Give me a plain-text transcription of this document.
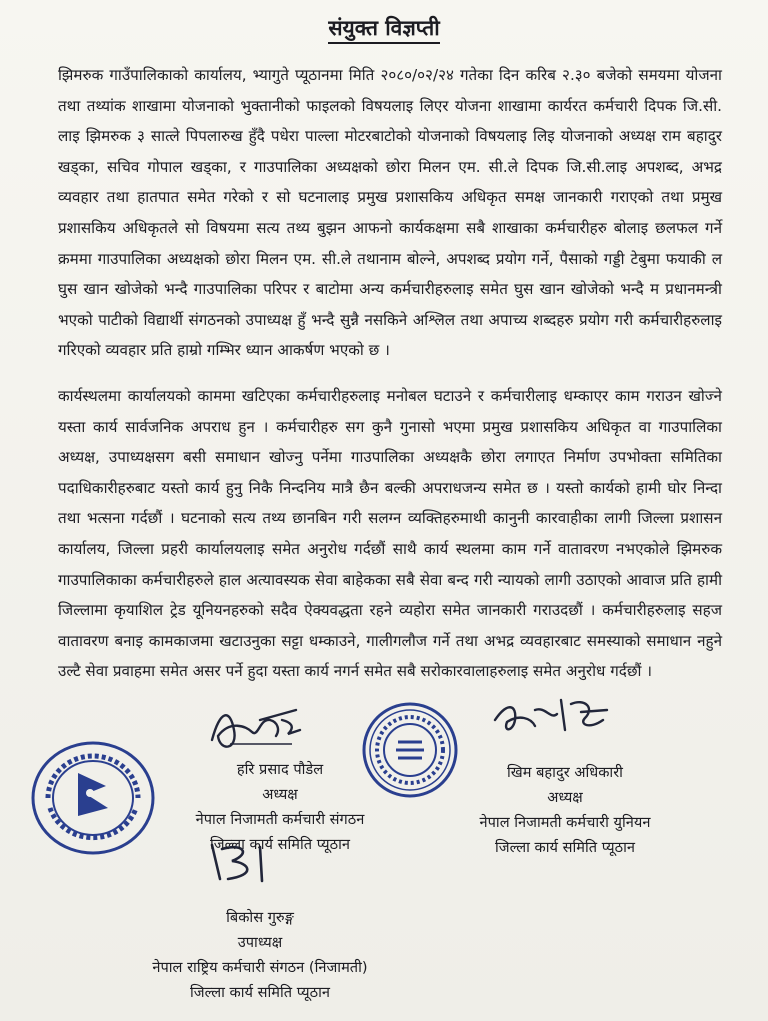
संयुक्त विज्ञप्ती
झिमरुक गाउँपालिकाको कार्यालय, भ्यागुते प्यूठानमा मिति २०८०/०२/२४ गतेका दिन करिब २.३० बजेको समयमा योजना तथा तथ्यांक शाखामा योजनाको भुक्तानीको फाइलको विषयलाइ लिएर योजना शाखामा कार्यरत कर्मचारी दिपक जि.सी. लाइ झिमरुक ३ सात्ले पिपलारुख हुँदै पधेरा पाल्ला मोटरबाटोको योजनाको विषयलाइ लिइ योजनाको अध्यक्ष राम बहादुर खड्का, सचिव गोपाल खड्का, र गाउपालिका अध्यक्षको छोरा मिलन एम. सी.ले दिपक जि.सी.लाइ अपशब्द, अभद्र व्यवहार तथा हातपात समेत गरेको र सो घटनालाइ प्रमुख प्रशासकिय अधिकृत समक्ष जानकारी गराएको तथा प्रमुख प्रशासकिय अधिकृतले सो विषयमा सत्य तथ्य बुझन आफनो कार्यकक्षमा सबै शाखाका कर्मचारीहरु बोलाइ छलफल गर्ने क्रममा गाउपालिका अध्यक्षको छोरा मिलन एम. सी.ले तथानाम बोल्ने, अपशब्द प्रयोग गर्ने, पैसाको गड्डी टेबुमा फयाकी ल घुस खान खोजेको भन्दै गाउपालिका परिपर र बाटोमा अन्य कर्मचारीहरुलाइ समेत घुस खान खोजेको भन्दै म प्रधानमन्त्री भएको पाटीको विद्यार्थी संगठनको उपाध्यक्ष हुँ भन्दै सुन्नै नसकिने अश्लिल तथा अपाच्य शब्दहरु प्रयोग गरी कर्मचारीहरुलाइ गरिएको व्यवहार प्रति हाम्रो गम्भिर ध्यान आकर्षण भएको छ ।
कार्यस्थलमा कार्यालयको काममा खटिएका कर्मचारीहरुलाइ मनोबल घटाउने र कर्मचारीलाइ धम्काएर काम गराउन खोज्ने यस्ता कार्य सार्वजनिक अपराध हुन । कर्मचारीहरु सग कुनै गुनासो भएमा प्रमुख प्रशासकिय अधिकृत वा गाउपालिका अध्यक्ष, उपाध्यक्षसग बसी समाधान खोज्नु पर्नेमा गाउपालिका अध्यक्षकै छोरा लगाएत निर्माण उपभोक्ता समितिका पदाधिकारीहरुबाट यस्तो कार्य हुनु निकै निन्दनिय मात्रै छैन बल्की अपराधजन्य समेत छ । यस्तो कार्यको हामी घोर निन्दा तथा भत्सना गर्दछौं । घटनाको सत्य तथ्य छानबिन गरी सलग्न व्यक्तिहरुमाथी कानुनी कारवाहीका लागी जिल्ला प्रशासन कार्यालय, जिल्ला प्रहरी कार्यालयलाइ समेत अनुरोध गर्दछौं साथै कार्य स्थलमा काम गर्ने वातावरण नभएकोले झिमरुक गाउपालिकाका कर्मचारीहरुले हाल अत्यावस्यक सेवा बाहेकका सबै सेवा बन्द गरी न्यायको लागी उठाएको आवाज प्रति हामी जिल्लामा कृयाशिल ट्रेड यूनियनहरुको सदैव ऐक्यवद्धता रहने व्यहोरा समेत जानकारी गराउदछौं । कर्मचारीहरुलाइ सहज वातावरण बनाइ कामकाजमा खटाउनुका सट्टा धम्काउने, गालीगलौज गर्ने तथा अभद्र व्यवहारबाट समस्याको समाधान नहुने उल्टै सेवा प्रवाहमा समेत असर पर्ने हुदा यस्ता कार्य नगर्न समेत सबै सरोकारवालाहरुलाइ समेत अनुरोध गर्दछौं ।
हरि प्रसाद पौडेल
अध्यक्ष
नेपाल निजामती कर्मचारी संगठन
जिल्ला कार्य समिति प्यूठान
खिम बहादुर अधिकारी
अध्यक्ष
नेपाल निजामती कर्मचारी युनियन
जिल्ला कार्य समिति प्यूठान
बिकोस गुरुङ्ग
उपाध्यक्ष
नेपाल राष्ट्रिय कर्मचारी संगठन (निजामती)
जिल्ला कार्य समिति प्यूठान
